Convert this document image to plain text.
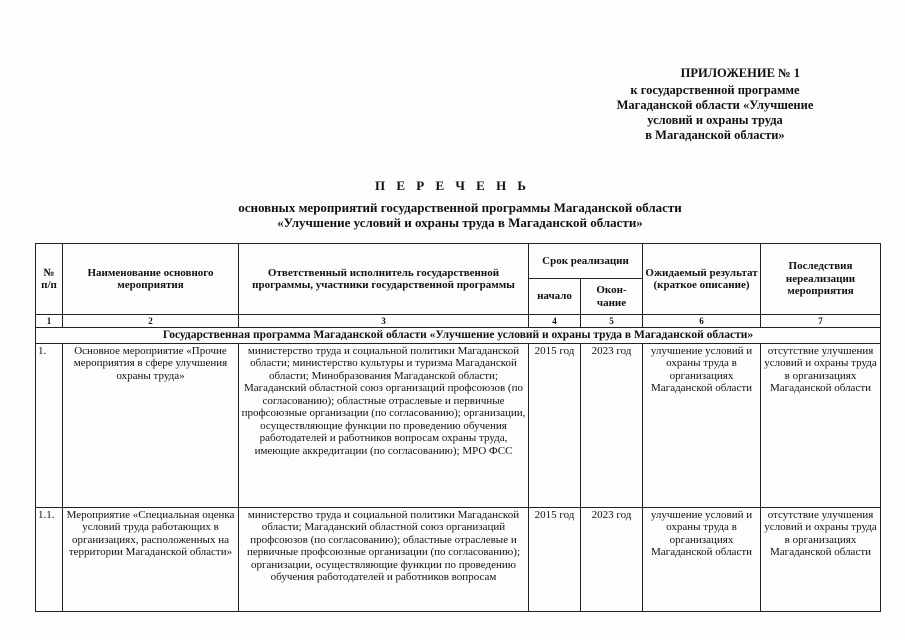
ПРИЛОЖЕНИЕ № 1
к государственной программе
Магаданской области «Улучшение
условий и охраны труда
в Магаданской области»
П Е Р Е Ч Е Н Ь
основных мероприятий государственной программы Магаданской области
«Улучшение условий и охраны труда в Магаданской области»
№ п/п	Наименование основного мероприятия	Ответственный исполнитель государственной программы, участники государственной программы	Срок реализации		Ожидаемый результат (краткое описание)	Последствия нереализации мероприятия
			начало	Окон-чание		
1	2	3	4	5	6	7
Государственная программа Магаданской области «Улучшение условий и охраны труда в Магаданской области»						
1.	Основное мероприятие «Прочие мероприятия в сфере улучшения охраны труда»	министерство труда и социальной политики Магаданской области; министерство культуры и туризма Магаданской области; Минобразования Магаданской области; Магаданский областной союз организаций профсоюзов (по согласованию); областные отраслевые и первичные профсоюзные организации (по согласованию); организации, осуществляющие функции по проведению обучения работодателей и работников вопросам охраны труда, имеющие аккредитации (по согласованию); МРО ФСС	2015 год	2023 год	улучшение условий и охраны труда в организациях Магаданской области	отсутствие улучшения условий и охраны труда в организациях Магаданской области
1.1.	Мероприятие «Специальная оценка условий труда работающих в организациях, расположенных на территории Магаданской области»	министерство труда и социальной политики Магаданской области; Магаданский областной союз организаций профсоюзов (по согласованию); областные отраслевые и первичные профсоюзные организации (по согласованию); организации, осуществляющие функции по проведению обучения работодателей и работников вопросам	2015 год	2023 год	улучшение условий и охраны труда в организациях Магаданской области	отсутствие улучшения условий и охраны труда в организациях Магаданской области
